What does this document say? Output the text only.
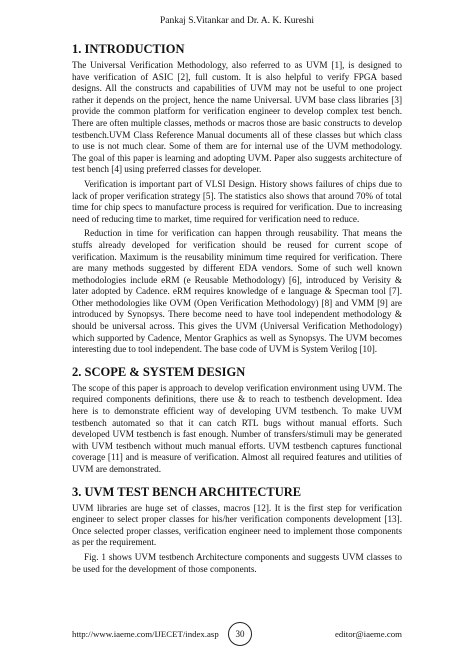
Pankaj S.Vitankar and Dr. A. K. Kureshi
1. INTRODUCTION

The Universal Verification Methodology, also referred to as UVM [1], is designed to have verification of ASIC [2], full custom. It is also helpful to verify FPGA based designs. All the constructs and capabilities of UVM may not be useful to one project rather it depends on the project, hence the name Universal. UVM base class libraries [3] provide the common platform for verification engineer to develop complex test bench. There are often multiple classes, methods or macros those are basic constructs to develop testbench.UVM Class Reference Manual documents all of these classes but which class to use is not much clear. Some of them are for internal use of the UVM methodology. The goal of this paper is learning and adopting UVM. Paper also suggests architecture of test bench [4] using preferred classes for developer.

Verification is important part of VLSI Design. History shows failures of chips due to lack of proper verification strategy [5]. The statistics also shows that around 70% of total time for chip specs to manufacture process is required for verification. Due to increasing need of reducing time to market, time required for verification need to reduce.

Reduction in time for verification can happen through reusability. That means the stuffs already developed for verification should be reused for current scope of verification. Maximum is the reusability minimum time required for verification. There are many methods suggested by different EDA vendors. Some of such well known methodologies include eRM (e Reusable Methodology) [6], introduced by Verisity & later adopted by Cadence. eRM requires knowledge of e language & Specman tool [7]. Other methodologies like OVM (Open Verification Methodology) [8] and VMM [9] are introduced by Synopsys. There become need to have tool independent methodology & should be universal across. This gives the UVM (Universal Verification Methodology) which supported by Cadence, Mentor Graphics as well as Synopsys. The UVM becomes interesting due to tool independent. The base code of UVM is System Verilog [10].

2. SCOPE & SYSTEM DESIGN

The scope of this paper is approach to develop verification environment using UVM. The required components definitions, there use & to reach to testbench development. Idea here is to demonstrate efficient way of developing UVM testbench. To make UVM testbench automated so that it can catch RTL bugs without manual efforts. Such developed UVM testbench is fast enough. Number of transfers/stimuli may be generated with UVM testbench without much manual efforts. UVM testbench captures functional coverage [11] and is measure of verification. Almost all required features and utilities of UVM are demonstrated.

3. UVM TEST BENCH ARCHITECTURE

UVM libraries are huge set of classes, macros [12]. It is the first step for verification engineer to select proper classes for his/her verification components development [13]. Once selected proper classes, verification engineer need to implement those components as per the requirement.

Fig. 1 shows UVM testbench Architecture components and suggests UVM classes to be used for the development of those components.

http://www.iaeme.com/IJECET/index.asp	30	editor@iaeme.com
